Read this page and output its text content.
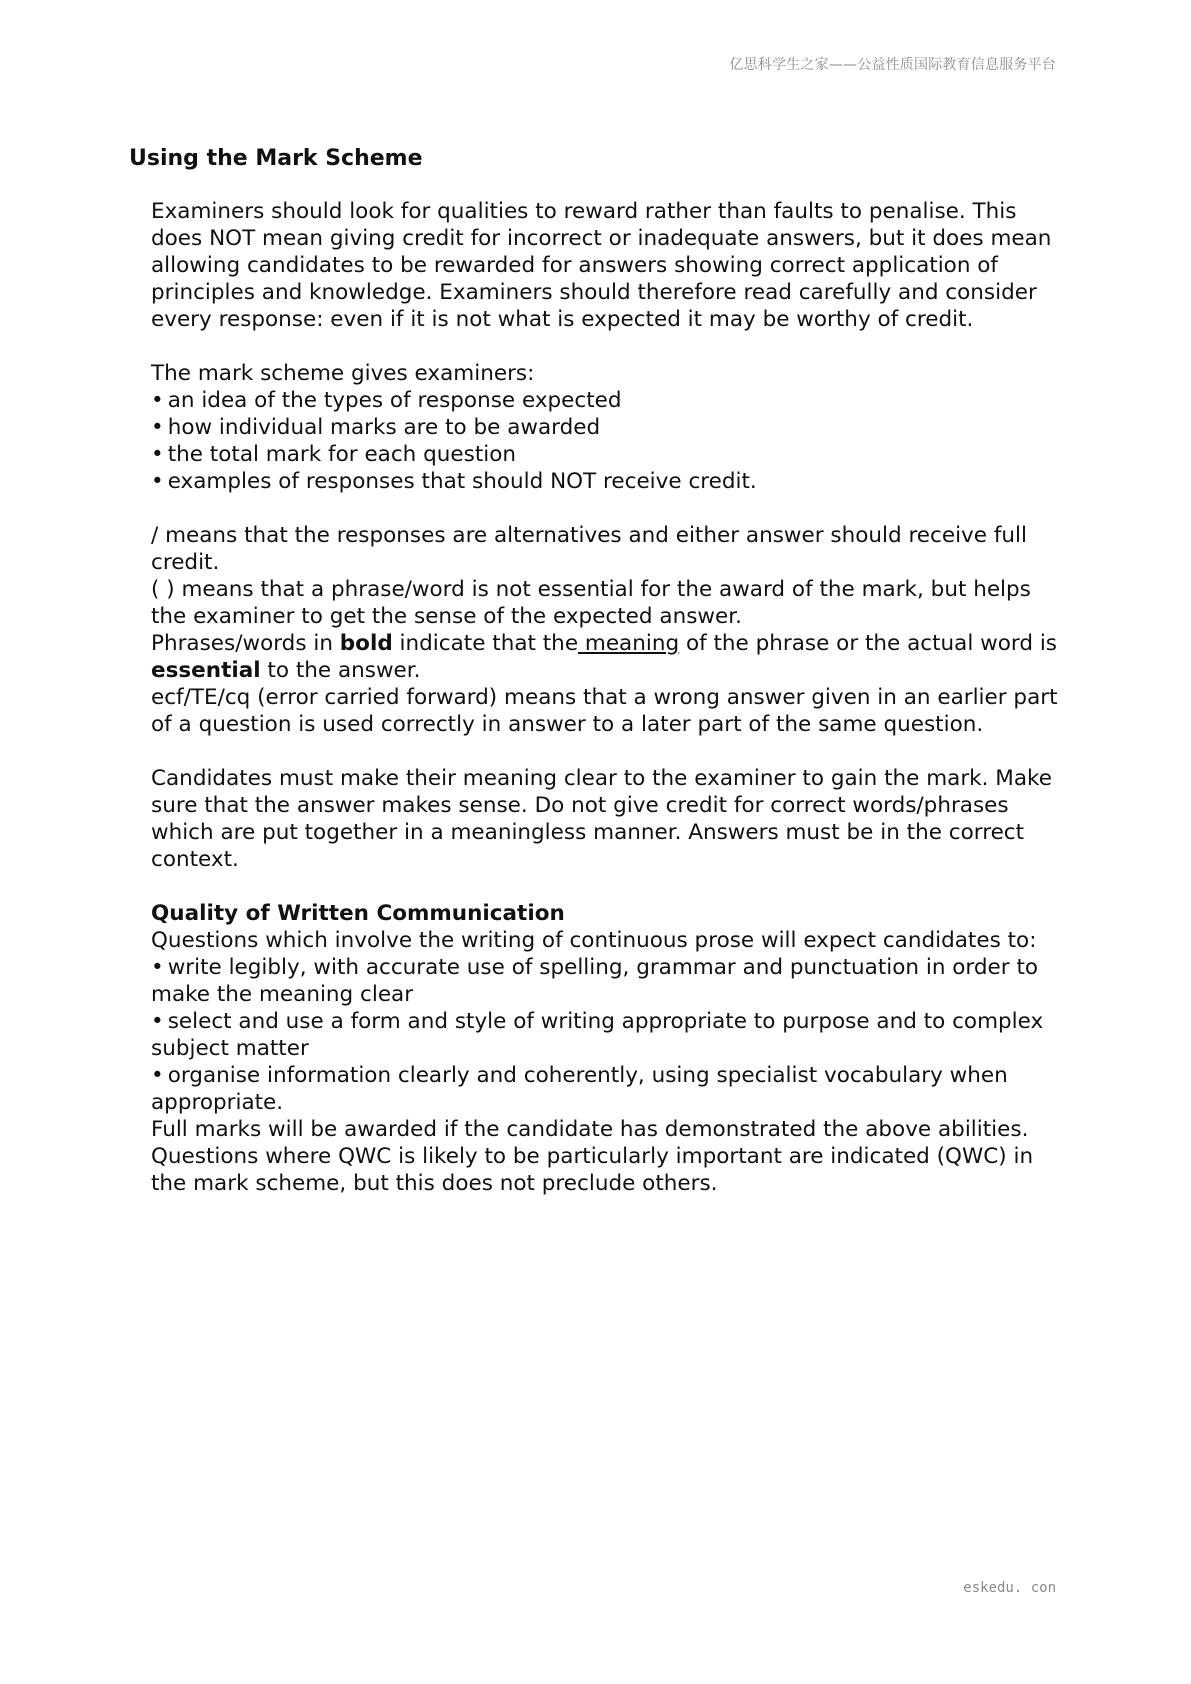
亿思科学生之家——公益性质国际教育信息服务平台
Using the Mark Scheme

Examiners should look for qualities to reward rather than faults to penalise. This does NOT mean giving credit for incorrect or inadequate answers, but it does mean allowing candidates to be rewarded for answers showing correct application of principles and knowledge. Examiners should therefore read carefully and consider every response: even if it is not what is expected it may be worthy of credit.

The mark scheme gives examiners:

• an idea of the types of response expected

• how individual marks are to be awarded

• the total mark for each question

• examples of responses that should NOT receive credit.

/ means that the responses are alternatives and either answer should receive full credit.

( ) means that a phrase/word is not essential for the award of the mark, but helps the examiner to get the sense of the expected answer.

Phrases/words in bold indicate that the meaning of the phrase or the actual word is essential to the answer.

ecf/TE/cq (error carried forward) means that a wrong answer given in an earlier part of a question is used correctly in answer to a later part of the same question.

Candidates must make their meaning clear to the examiner to gain the mark. Make sure that the answer makes sense. Do not give credit for correct words/phrases which are put together in a meaningless manner. Answers must be in the correct context.

Quality of Written Communication

Questions which involve the writing of continuous prose will expect candidates to:

• write legibly, with accurate use of spelling, grammar and punctuation in order to make the meaning clear

• select and use a form and style of writing appropriate to purpose and to complex subject matter

• organise information clearly and coherently, using specialist vocabulary when appropriate.

Full marks will be awarded if the candidate has demonstrated the above abilities.

Questions where QWC is likely to be particularly important are indicated (QWC) in the mark scheme, but this does not preclude others.

eskedu. con
